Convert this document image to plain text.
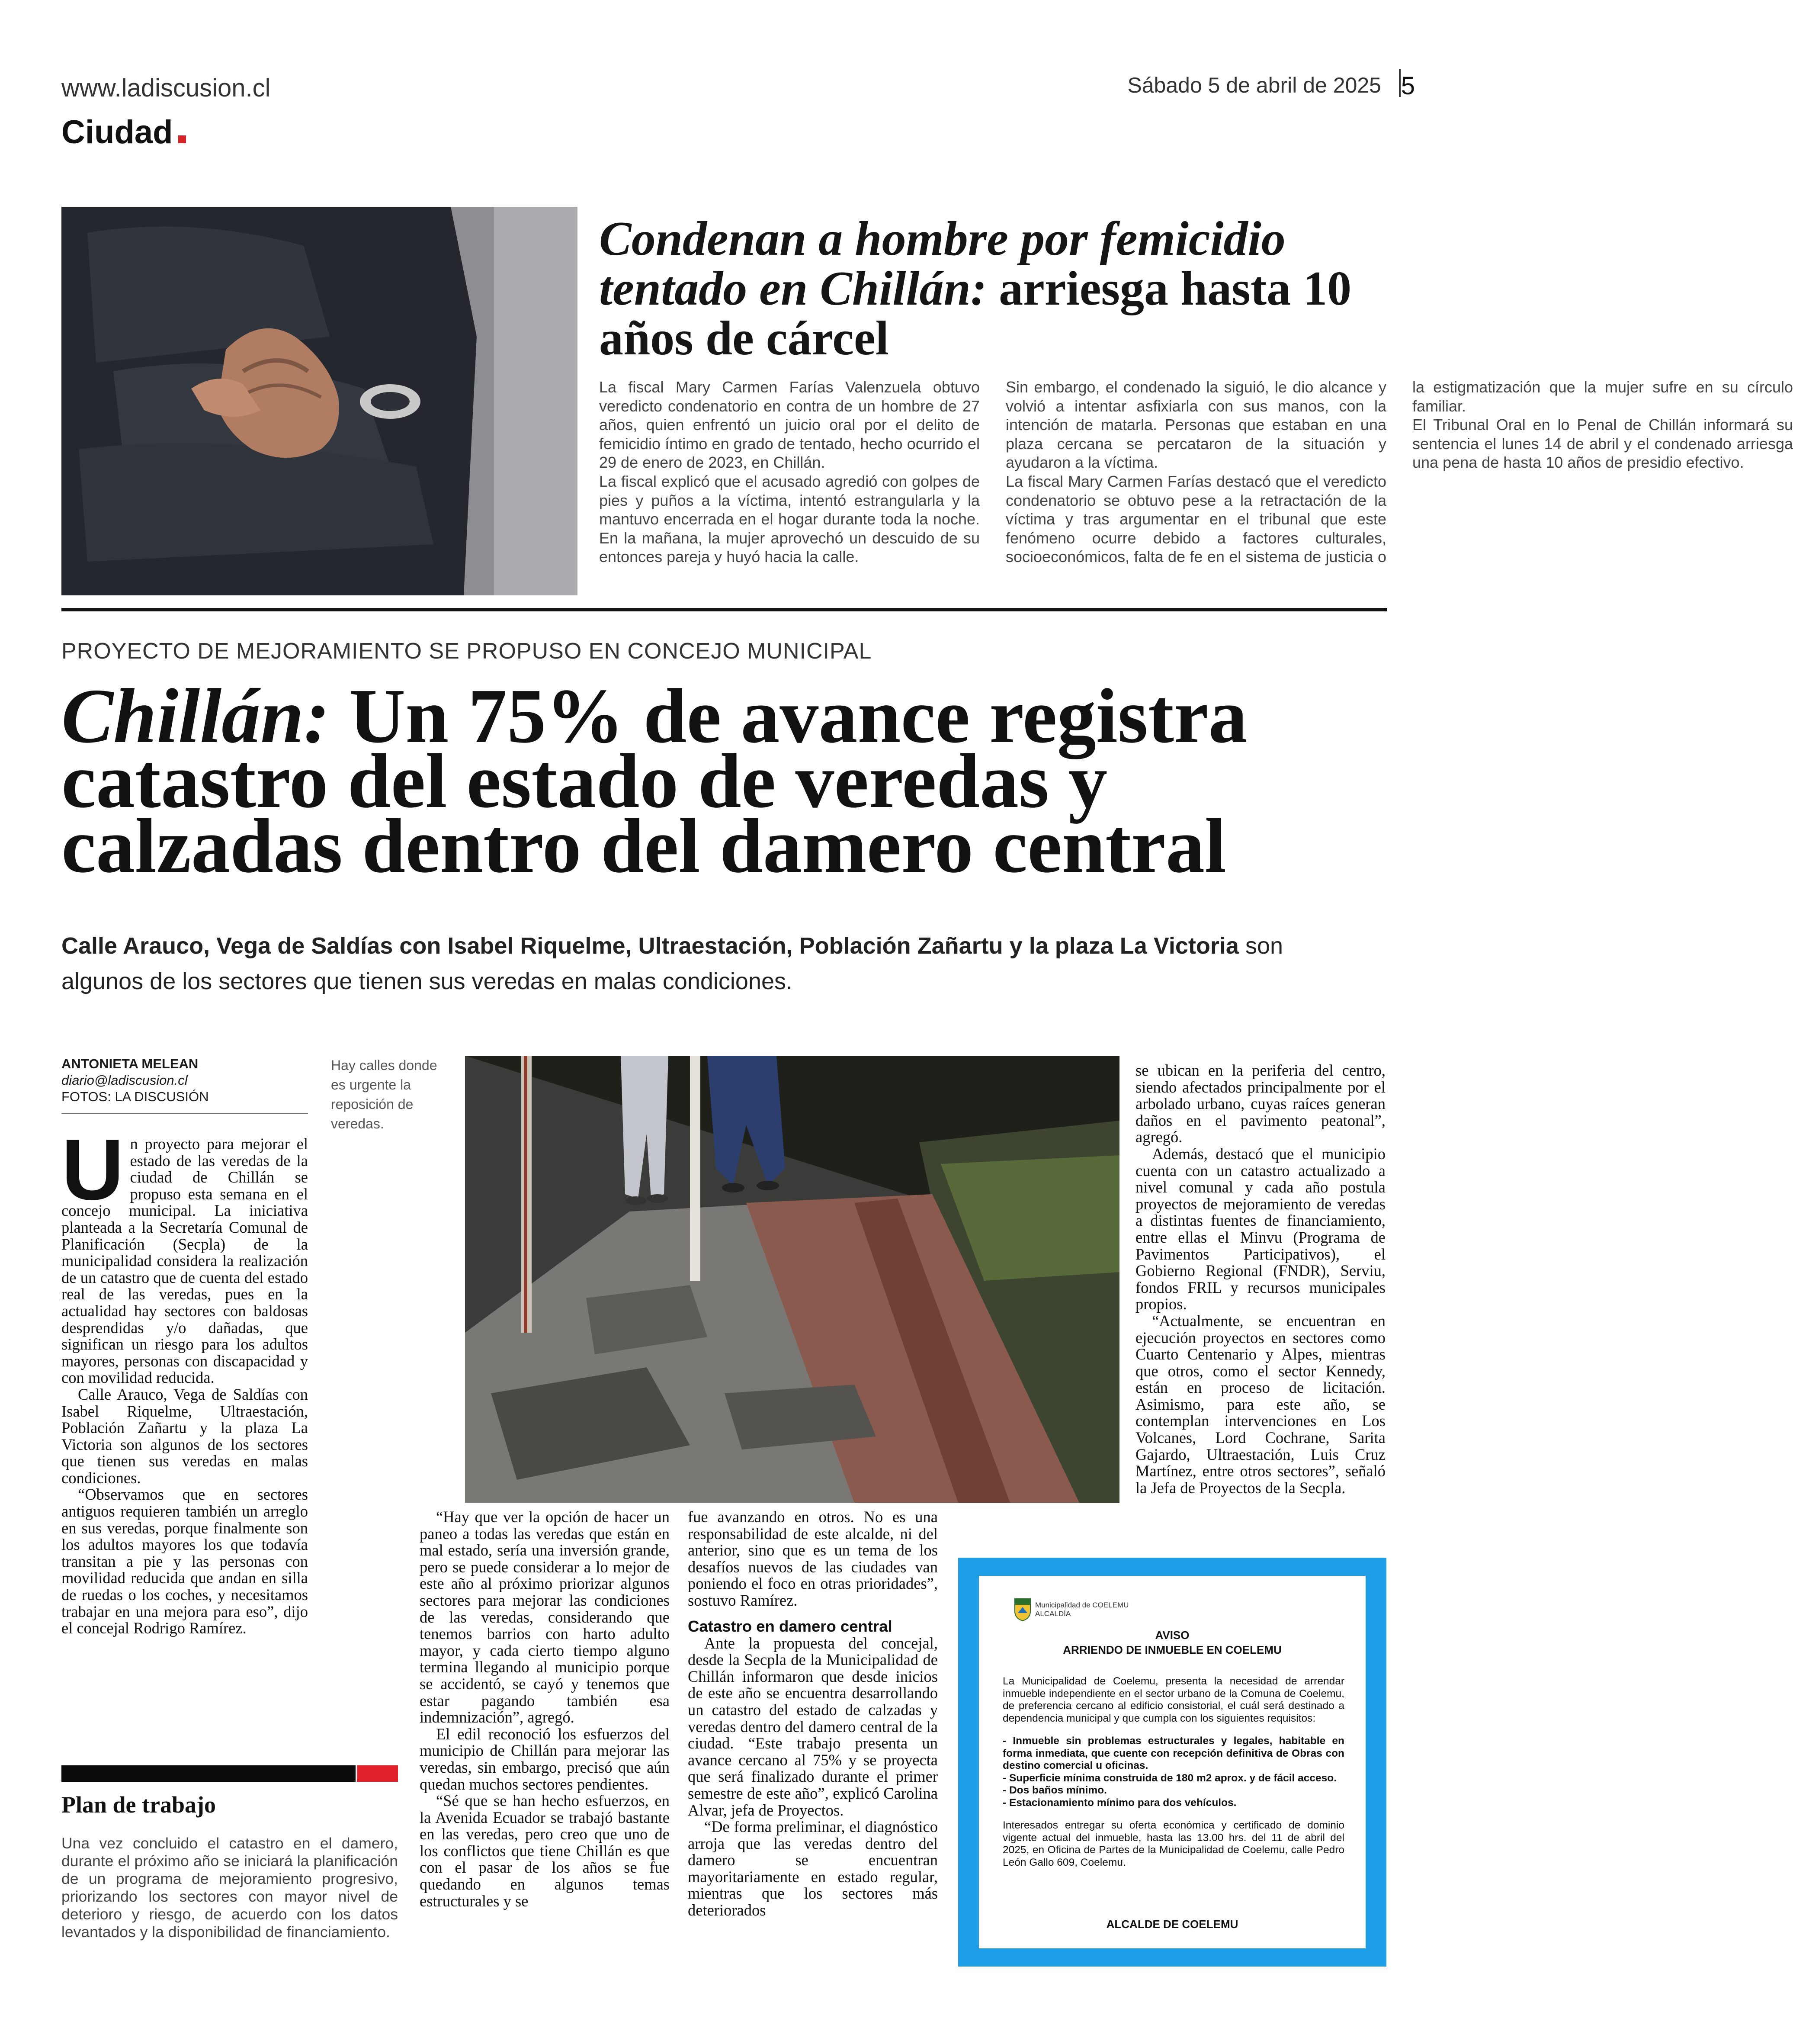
www.ladiscusion.cl	Sábado 5 de abril de 2025 5
Ciudad
Condenan a hombre por femicidio tentado en Chillán: arriesga hasta 10 años de cárcel

La fiscal Mary Carmen Farías Valenzuela obtuvo veredicto condenatorio en contra de un hombre de 27 años, quien enfrentó un juicio oral por el delito de femicidio íntimo en grado de tentado, hecho ocurrido el 29 de enero de 2023, en Chillán.

La fiscal explicó que el acusado agredió con golpes de pies y puños a la víctima, intentó estrangularla y la mantuvo encerrada en el hogar durante toda la noche. En la mañana, la mujer aprovechó un descuido de su entonces pareja y huyó hacia la calle.

Sin embargo, el condenado la siguió, le dio alcance y volvió a intentar asfixiarla con sus manos, con la intención de matarla. Personas que estaban en una plaza cercana se percataron de la situación y ayudaron a la víctima.

La fiscal Mary Carmen Farías destacó que el veredicto condenatorio se obtuvo pese a la retractación de la víctima y tras argumentar en el tribunal que este fenómeno ocurre debido a factores culturales, socioeconómicos, falta de fe en el sistema de justicia o la estigmatización que la mujer sufre en su círculo familiar.

El Tribunal Oral en lo Penal de Chillán informará su sentencia el lunes 14 de abril y el condenado arriesga una pena de hasta 10 años de presidio efectivo.

PROYECTO DE MEJORAMIENTO SE PROPUSO EN CONCEJO MUNICIPAL
Chillán: Un 75% de avance registra catastro del estado de veredas y calzadas dentro del damero central
Calle Arauco, Vega de Saldías con Isabel Riquelme, Ultraestación, Población Zañartu y la plaza La Victoria son algunos de los sectores que tienen sus veredas en malas condiciones.
ANTONIETA MELEAN
diario@ladiscusion.cl
FOTOS: LA DISCUSIÓN
Hay calles donde es urgente la reposición de veredas.
U n proyecto para mejorar el estado de las veredas de la ciudad de Chillán se propuso esta semana en el concejo municipal. La iniciativa planteada a la Secretaría Comunal de Planificación (Secpla) de la municipalidad considera la realización de un catastro que de cuenta del estado real de las veredas, pues en la actualidad hay sectores con baldosas desprendidas y/o dañadas, que significan un riesgo para los adultos mayores, personas con discapacidad y con movilidad reducida.

Calle Arauco, Vega de Saldías con Isabel Riquelme, Ultraestación, Población Zañartu y la plaza La Victoria son algunos de los sectores que tienen sus veredas en malas condiciones.

“Observamos que en sectores antiguos requieren también un arreglo en sus veredas, porque finalmente son los adultos mayores los que todavía transitan a pie y las personas con movilidad reducida que andan en silla de ruedas o los coches, y necesitamos trabajar en una mejora para eso”, dijo el concejal Rodrigo Ramírez.

“Hay que ver la opción de hacer un paneo a todas las veredas que están en mal estado, sería una inversión grande, pero se puede considerar a lo mejor de este año al próximo priorizar algunos sectores para mejorar las condiciones de las veredas, considerando que tenemos barrios con harto adulto mayor, y cada cierto tiempo alguno termina llegando al municipio porque se accidentó, se cayó y tenemos que estar pagando también esa indemnización”, agregó.

El edil reconoció los esfuerzos del municipio de Chillán para mejorar las veredas, sin embargo, precisó que aún quedan muchos sectores pendientes.

“Sé que se han hecho esfuerzos, en la Avenida Ecuador se trabajó bastante en las veredas, pero creo que uno de los conflictos que tiene Chillán es que con el pasar de los años se fue quedando en algunos temas estructurales y se

fue avanzando en otros. No es una responsabilidad de este alcalde, ni del anterior, sino que es un tema de los desafíos nuevos de las ciudades van poniendo el foco en otras prioridades”, sostuvo Ramírez.

Catastro en damero central

Ante la propuesta del concejal, desde la Secpla de la Municipalidad de Chillán informaron que desde inicios de este año se encuentra desarrollando un catastro del estado de calzadas y veredas dentro del damero central de la ciudad. “Este trabajo presenta un avance cercano al 75% y se proyecta que será finalizado durante el primer semestre de este año”, explicó Carolina Alvar, jefa de Proyectos.

“De forma preliminar, el diagnóstico arroja que las veredas dentro del damero se encuentran mayoritariamente en estado regular, mientras que los sectores más deteriorados

se ubican en la periferia del centro, siendo afectados principalmente por el arbolado urbano, cuyas raíces generan daños en el pavimento peatonal”, agregó.

Además, destacó que el municipio cuenta con un catastro actualizado a nivel comunal y cada año postula proyectos de mejoramiento de veredas a distintas fuentes de financiamiento, entre ellas el Minvu (Programa de Pavimentos Participativos), el Gobierno Regional (FNDR), Serviu, fondos FRIL y recursos municipales propios.

“Actualmente, se encuentran en ejecución proyectos en sectores como Cuarto Centenario y Alpes, mientras que otros, como el sector Kennedy, están en proceso de licitación. Asimismo, para este año, se contemplan intervenciones en Los Volcanes, Lord Cochrane, Sarita Gajardo, Ultraestación, Luis Cruz Martínez, entre otros sectores”, señaló la Jefa de Proyectos de la Secpla.

Plan de trabajo
Una vez concluido el catastro en el damero, durante el próximo año se iniciará la planificación de un programa de mejoramiento progresivo, priorizando los sectores con mayor nivel de deterioro y riesgo, de acuerdo con los datos levantados y la disponibilidad de financiamiento.
Municipalidad de COELEMU
ALCALDÍA
AVISO
ARRIENDO DE INMUEBLE EN COELEMU

La Municipalidad de Coelemu, presenta la necesidad de arrendar inmueble independiente en el sector urbano de la Comuna de Coelemu, de preferencia cercano al edificio consistorial, el cuál será destinado a dependencia municipal y que cumpla con los siguientes requisitos:

- Inmueble sin problemas estructurales y legales, habitable en forma inmediata, que cuente con recepción definitiva de Obras con destino comercial u oficinas.

- Superficie mínima construida de 180 m2 aprox. y de fácil acceso.

- Dos baños mínimo.

- Estacionamiento mínimo para dos vehículos.

Interesados entregar su oferta económica y certificado de dominio vigente actual del inmueble, hasta las 13.00 hrs. del 11 de abril del 2025, en Oficina de Partes de la Municipalidad de Coelemu, calle Pedro León Gallo 609, Coelemu.

ALCALDE DE COELEMU
